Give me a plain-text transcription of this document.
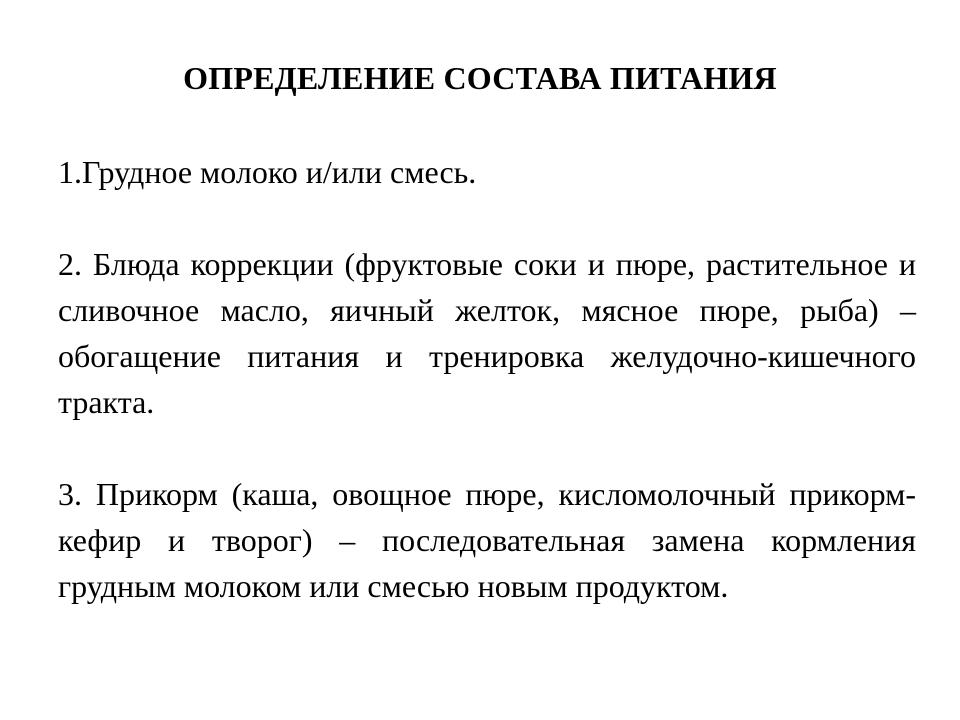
ОПРЕДЕЛЕНИЕ СОСТАВА ПИТАНИЯ

1.Грудное молоко и/или смесь.

2. Блюда коррекции (фруктовые соки и пюре, растительное и сливочное масло, яичный желток, мясное пюре, рыба) – обогащение питания и тренировка желудочно-кишечного тракта.

3. Прикорм (каша, овощное пюре, кисломолочный прикорм- кефир и творог) – последовательная замена кормления грудным молоком или смесью новым продуктом.
